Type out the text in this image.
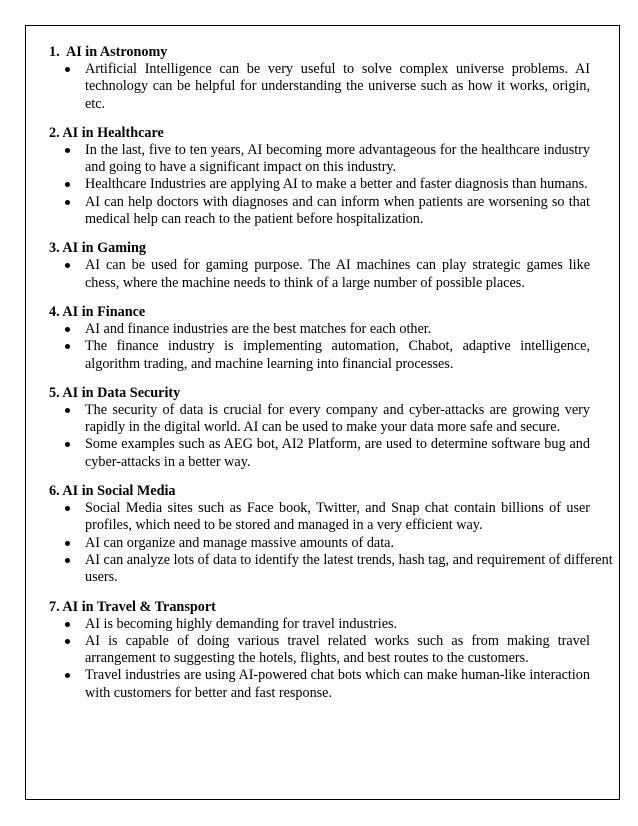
1. AI in Astronomy

Artificial Intelligence can be very useful to solve complex universe problems. AI technology can be helpful for understanding the universe such as how it works, origin, etc.

2. AI in Healthcare

In the last, five to ten years, AI becoming more advantageous for the healthcare industry and going to have a significant impact on this industry.
Healthcare Industries are applying AI to make a better and faster diagnosis than humans.
AI can help doctors with diagnoses and can inform when patients are worsening so that medical help can reach to the patient before hospitalization.

3. AI in Gaming

AI can be used for gaming purpose. The AI machines can play strategic games like chess, where the machine needs to think of a large number of possible places.

4. AI in Finance

AI and finance industries are the best matches for each other.
The finance industry is implementing automation, Chabot, adaptive intelligence, algorithm trading, and machine learning into financial processes.

5. AI in Data Security

The security of data is crucial for every company and cyber-attacks are growing very rapidly in the digital world. AI can be used to make your data more safe and secure.
Some examples such as AEG bot, AI2 Platform, are used to determine software bug and cyber-attacks in a better way.

6. AI in Social Media

Social Media sites such as Face book, Twitter, and Snap chat contain billions of user profiles, which need to be stored and managed in a very efficient way.
AI can organize and manage massive amounts of data.
AI can analyze lots of data to identify the latest trends, hash tag, and requirement of different users.

7. AI in Travel & Transport

AI is becoming highly demanding for travel industries.
AI is capable of doing various travel related works such as from making travel arrangement to suggesting the hotels, flights, and best routes to the customers.
Travel industries are using AI-powered chat bots which can make human-like interaction with customers for better and fast response.
